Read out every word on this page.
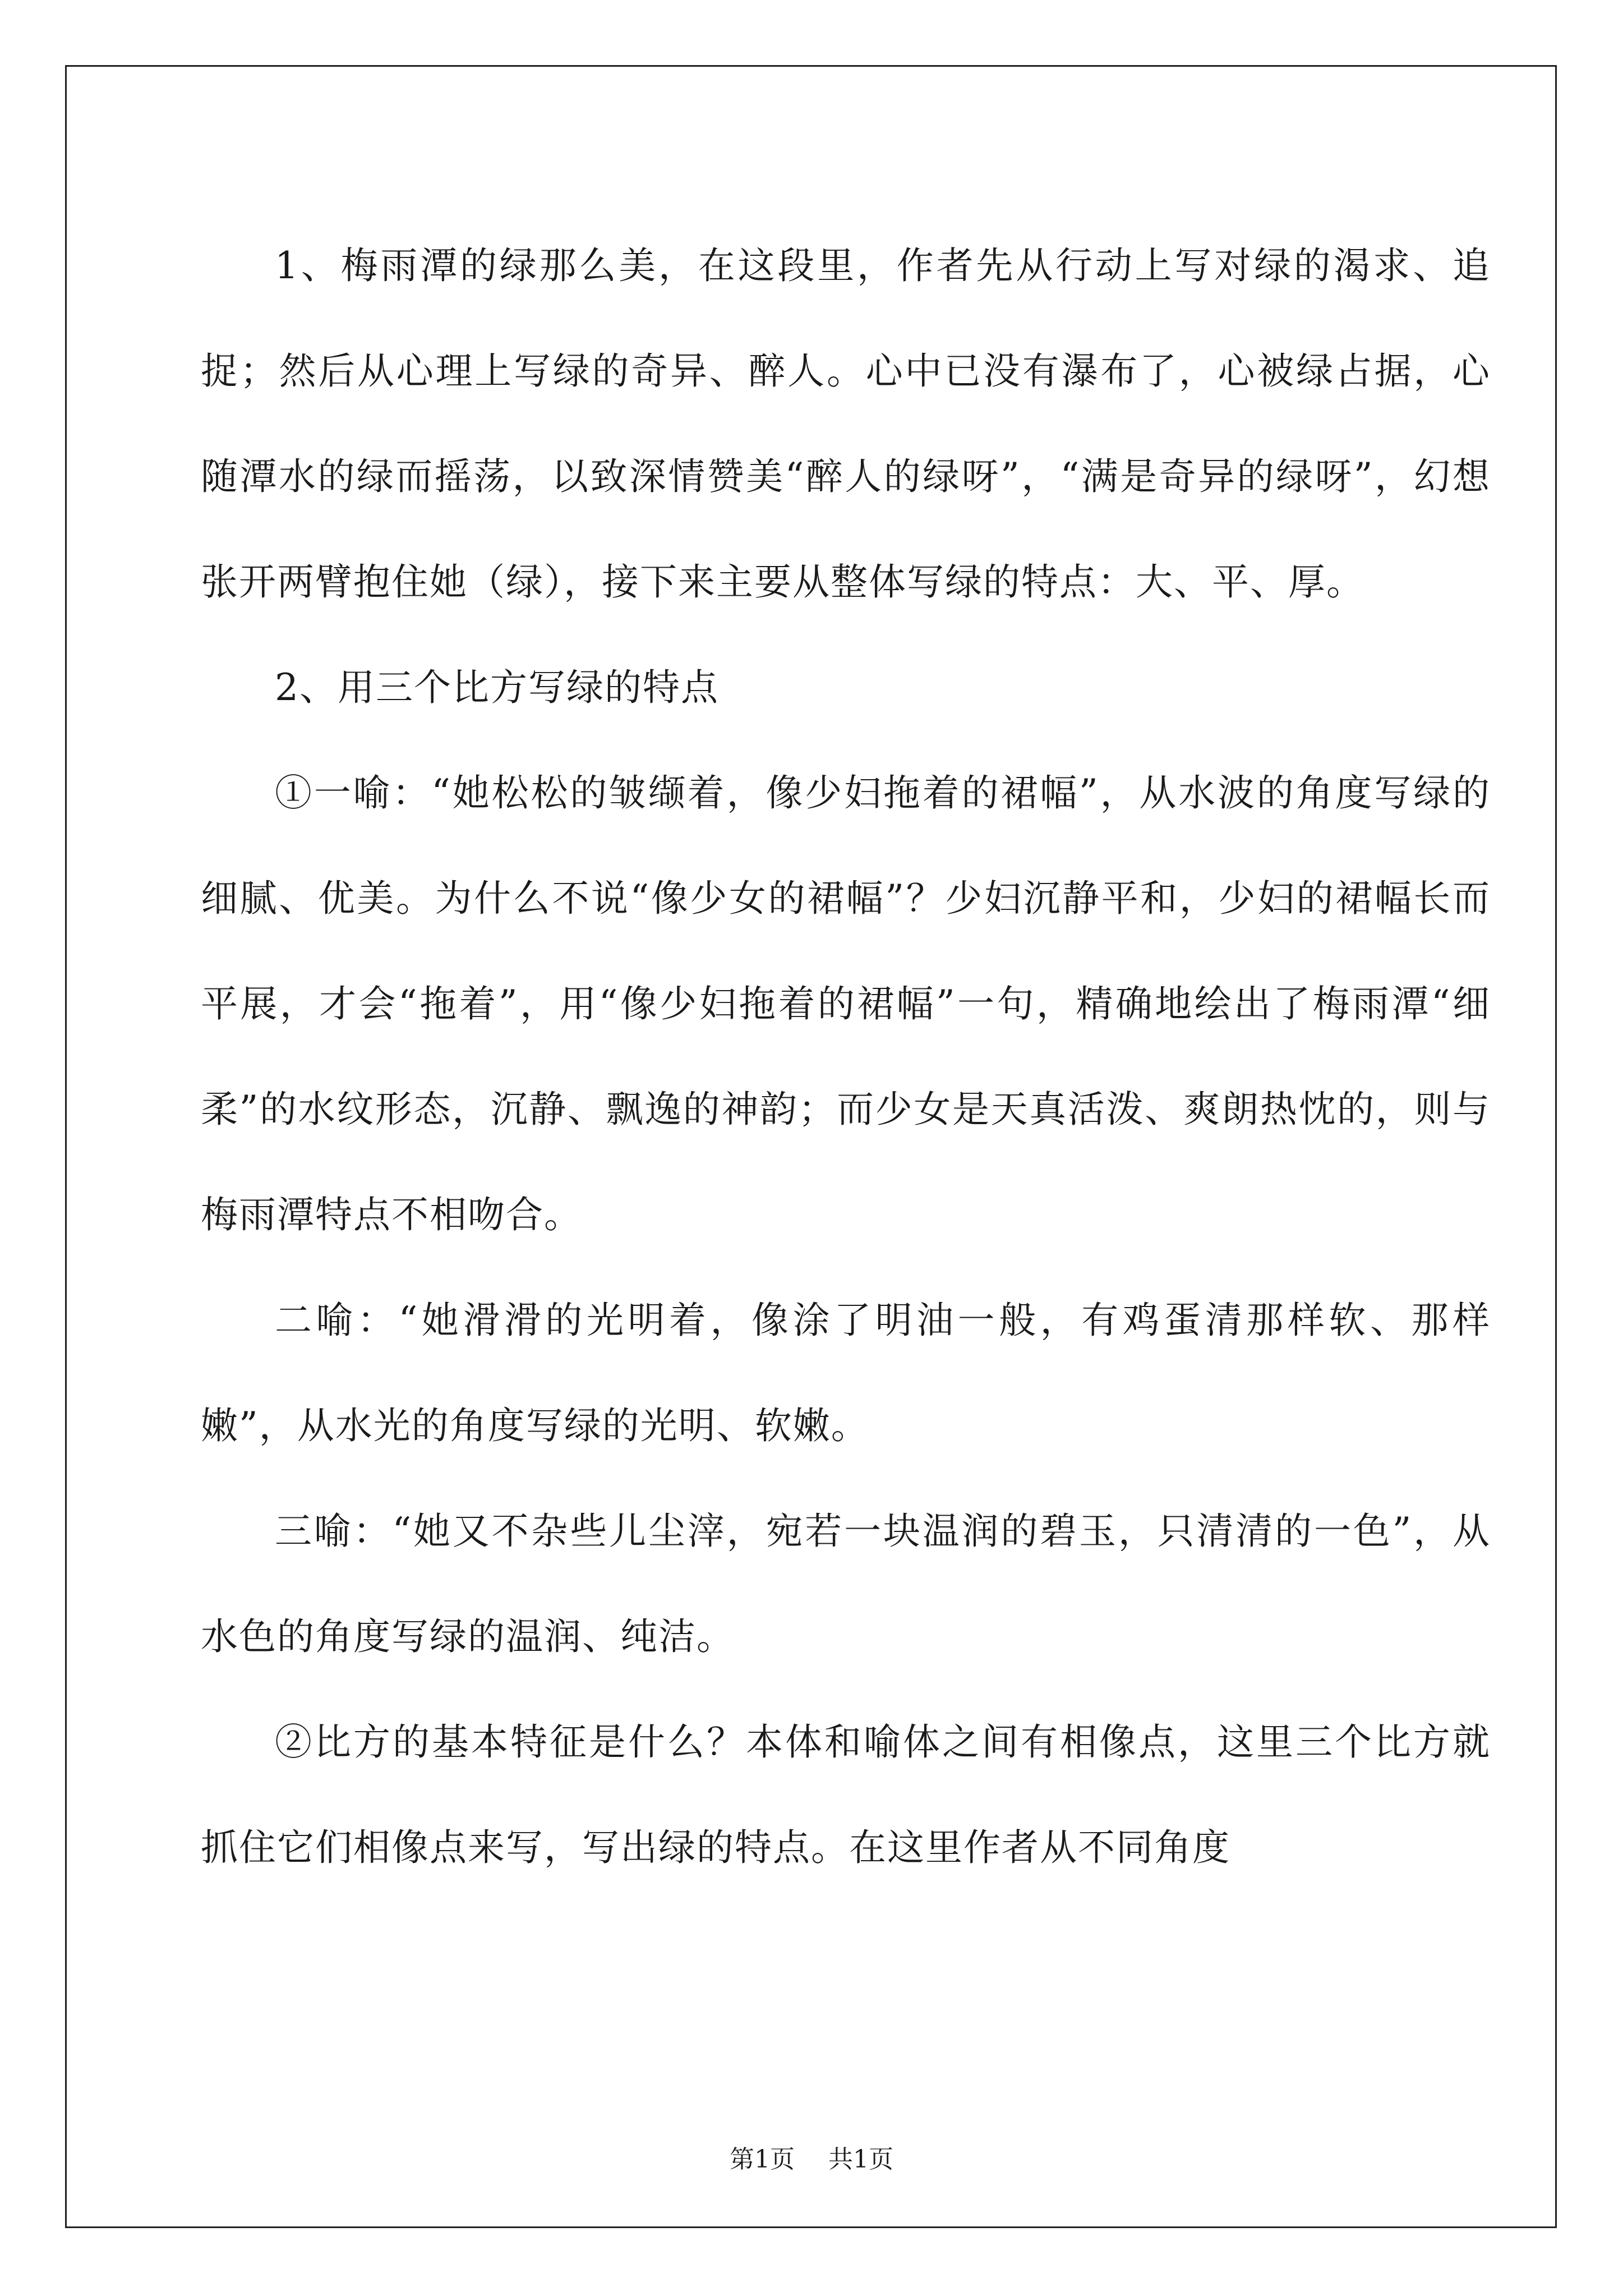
1、梅雨潭的绿那么美，在这段里，作者先从行动上写对绿的渴求、追捉；然后从心理上写绿的奇异、醉人。心中已没有瀑布了，心被绿占据，心随潭水的绿而摇荡，以致深情赞美“醉人的绿呀”，“满是奇异的绿呀”，幻想张开两臂抱住她（绿），接下来主要从整体写绿的特点：大、平、厚。

2、用三个比方写绿的特点

①一喻：“她松松的皱缬着，像少妇拖着的裙幅”，从水波的角度写绿的细腻、优美。为什么不说“像少女的裙幅”？少妇沉静平和，少妇的裙幅长而平展，才会“拖着”，用“像少妇拖着的裙幅”一句，精确地绘出了梅雨潭“细柔”的水纹形态，沉静、飘逸的神韵；而少女是天真活泼、爽朗热忱的，则与梅雨潭特点不相吻合。

二喻：“她滑滑的光明着，像涂了明油一般，有鸡蛋清那样软、那样嫩”，从水光的角度写绿的光明、软嫩。

三喻：“她又不杂些儿尘滓，宛若一块温润的碧玉，只清清的一色”，从水色的角度写绿的温润、纯洁。

②比方的基本特征是什么？本体和喻体之间有相像点，这里三个比方就抓住它们相像点来写，写出绿的特点。在这里作者从不同角度

第1页 共1页
